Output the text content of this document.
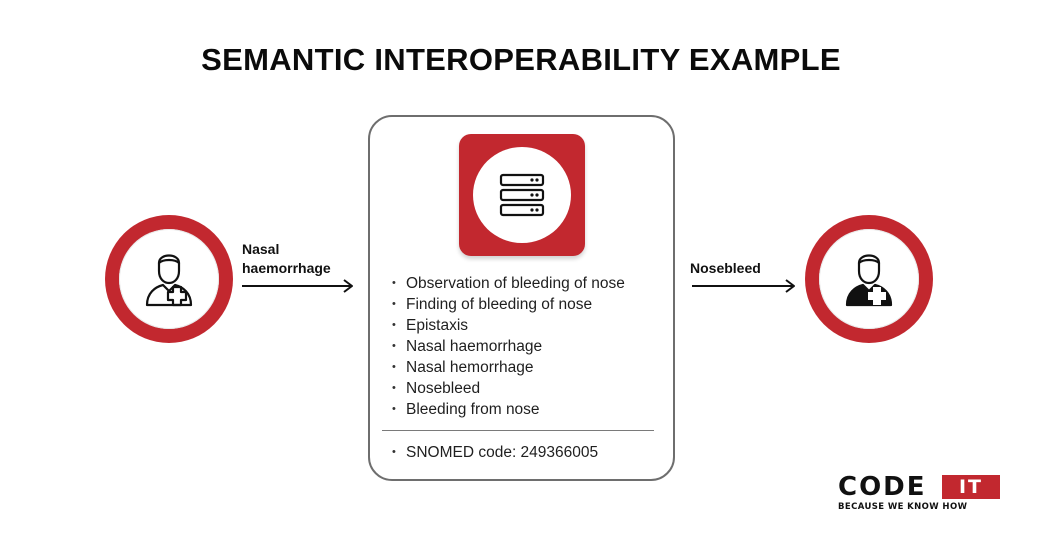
SEMANTIC INTEROPERABILITY EXAMPLE
Nasal
haemorrhage
• Observation of bleeding of nose
• Finding of bleeding of nose
• Epistaxis
• Nasal haemorrhage
• Nasal hemorrhage
• Nosebleed
• Bleeding from nose
• SNOMED code: 249366005
Nosebleed
CODE	IT
BECAUSE WE KNOW HOW
